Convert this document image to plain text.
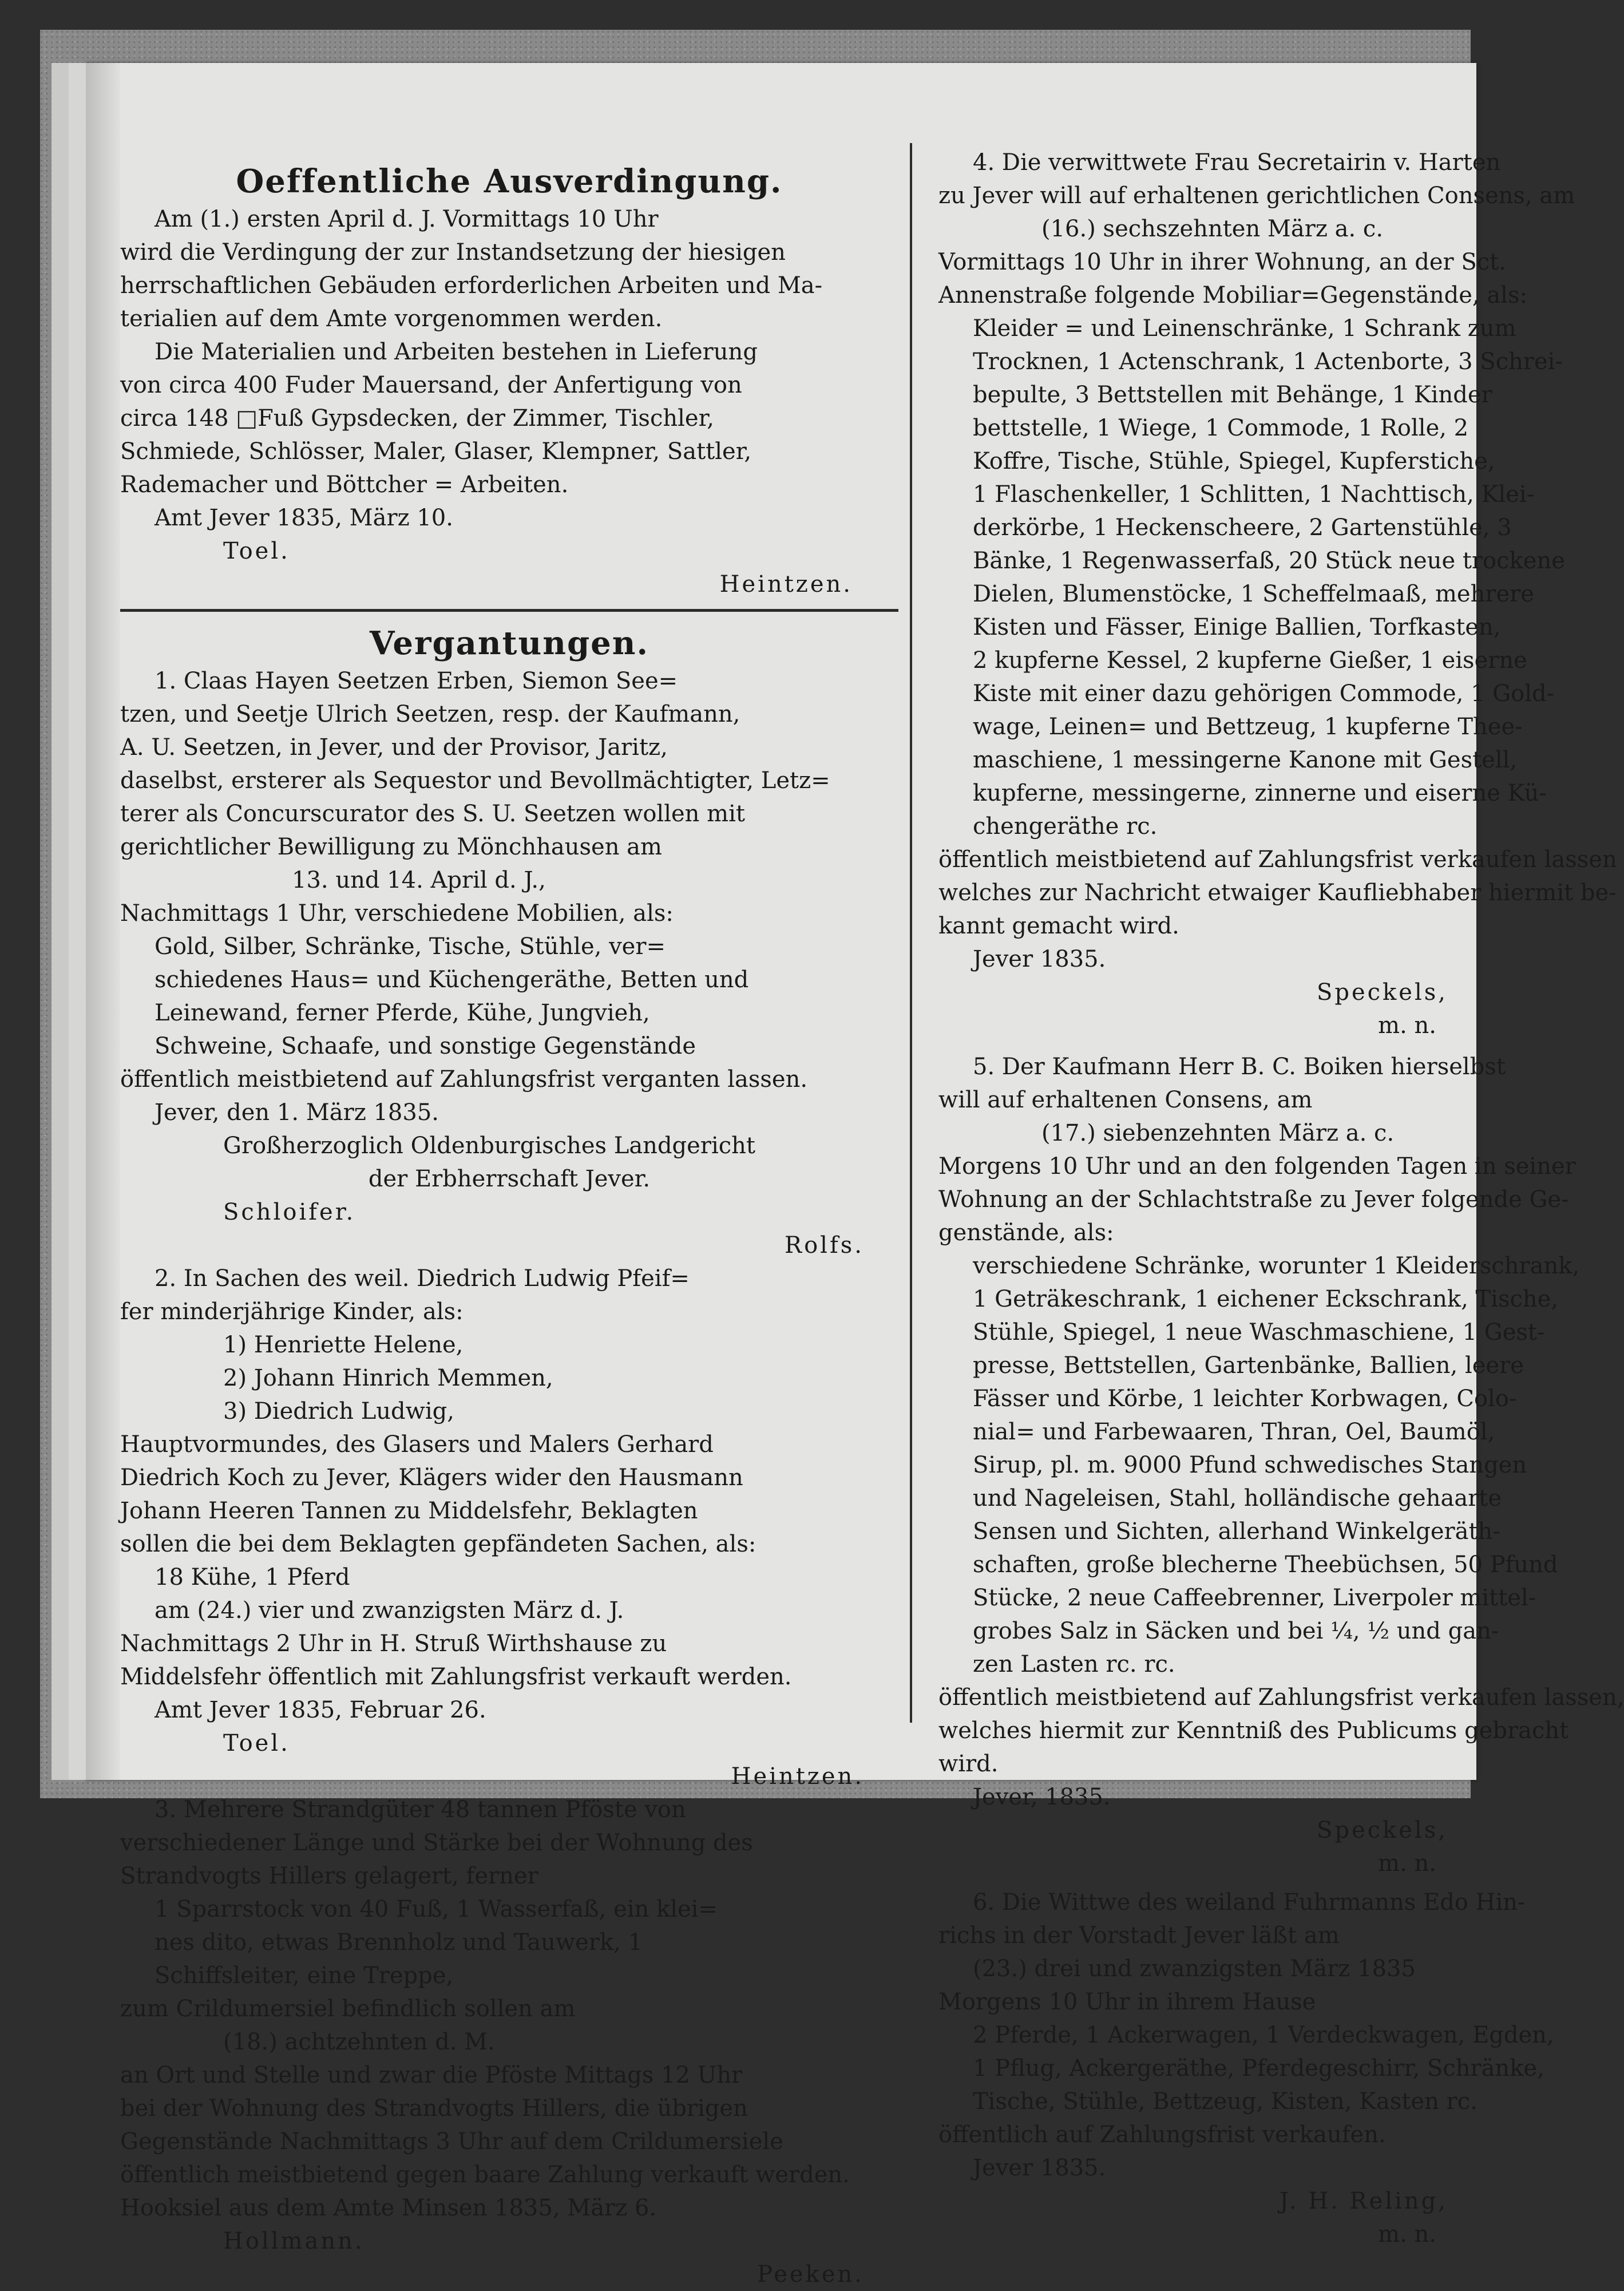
Oeffentliche Ausverdingung.
Am (1.) ersten April d. J. Vormittags 10 Uhr
wird die Verdingung der zur Instandsetzung der hiesigen
herrschaftlichen Gebäuden erforderlichen Arbeiten und Ma-
terialien auf dem Amte vorgenommen werden.
Die Materialien und Arbeiten bestehen in Lieferung
von circa 400 Fuder Mauersand, der Anfertigung von
circa 148 □Fuß Gypsdecken, der Zimmer, Tischler,
Schmiede, Schlösser, Maler, Glaser, Klempner, Sattler,
Rademacher und Böttcher = Arbeiten.
Amt Jever 1835, März 10.
Toel.
Heintzen.
Vergantungen.
1. Claas Hayen Seetzen Erben, Siemon See=
tzen, und Seetje Ulrich Seetzen, resp. der Kaufmann,
A. U. Seetzen, in Jever, und der Provisor, Jaritz,
daselbst, ersterer als Sequestor und Bevollmächtigter, Letz=
terer als Concurscurator des S. U. Seetzen wollen mit
gerichtlicher Bewilligung zu Mönchhausen am
13. und 14. April d. J.,
Nachmittags 1 Uhr, verschiedene Mobilien, als:
Gold, Silber, Schränke, Tische, Stühle, ver=
schiedenes Haus= und Küchengeräthe, Betten und
Leinewand, ferner Pferde, Kühe, Jungvieh,
Schweine, Schaafe, und sonstige Gegenstände
öffentlich meistbietend auf Zahlungsfrist verganten lassen.
Jever, den 1. März 1835.
Großherzoglich Oldenburgisches Landgericht
der Erbherrschaft Jever.
Schloifer.
Rolfs.
2. In Sachen des weil. Diedrich Ludwig Pfeif=
fer minderjährige Kinder, als:
1) Henriette Helene,
2) Johann Hinrich Memmen,
3) Diedrich Ludwig,
Hauptvormundes, des Glasers und Malers Gerhard
Diedrich Koch zu Jever, Klägers wider den Hausmann
Johann Heeren Tannen zu Middelsfehr, Beklagten
sollen die bei dem Beklagten gepfändeten Sachen, als:
18 Kühe, 1 Pferd
am (24.) vier und zwanzigsten März d. J.
Nachmittags 2 Uhr in H. Struß Wirthshause zu
Middelsfehr öffentlich mit Zahlungsfrist verkauft werden.
Amt Jever 1835, Februar 26.
Toel.
Heintzen.
3. Mehrere Strandgüter 48 tannen Pföste von
verschiedener Länge und Stärke bei der Wohnung des
Strandvogts Hillers gelagert, ferner
1 Sparrstock von 40 Fuß, 1 Wasserfaß, ein klei=
nes dito, etwas Brennholz und Tauwerk, 1
Schiffsleiter, eine Treppe,
zum Crildumersiel befindlich sollen am
(18.) achtzehnten d. M.
an Ort und Stelle und zwar die Pföste Mittags 12 Uhr
bei der Wohnung des Strandvogts Hillers, die übrigen
Gegenstände Nachmittags 3 Uhr auf dem Crildumersiele
öffentlich meistbietend gegen baare Zahlung verkauft werden.
Hooksiel aus dem Amte Minsen 1835, März 6.
Hollmann.
Peeken.
4. Die verwittwete Frau Secretairin v. Harten
zu Jever will auf erhaltenen gerichtlichen Consens, am
(16.) sechszehnten März a. c.
Vormittags 10 Uhr in ihrer Wohnung, an der Sct.
Annenstraße folgende Mobiliar=Gegenstände, als:
Kleider = und Leinenschränke, 1 Schrank zum
Trocknen, 1 Actenschrank, 1 Actenborte, 3 Schrei-
bepulte, 3 Bettstellen mit Behänge, 1 Kinder
bettstelle, 1 Wiege, 1 Commode, 1 Rolle, 2
Koffre, Tische, Stühle, Spiegel, Kupferstiche,
1 Flaschenkeller, 1 Schlitten, 1 Nachttisch, Klei-
derkörbe, 1 Heckenscheere, 2 Gartenstühle, 3
Bänke, 1 Regenwasserfaß, 20 Stück neue trockene
Dielen, Blumenstöcke, 1 Scheffelmaaß, mehrere
Kisten und Fässer, Einige Ballien, Torfkasten,
2 kupferne Kessel, 2 kupferne Gießer, 1 eiserne
Kiste mit einer dazu gehörigen Commode, 1 Gold-
wage, Leinen= und Bettzeug, 1 kupferne Thee-
maschiene, 1 messingerne Kanone mit Gestell,
kupferne, messingerne, zinnerne und eiserne Kü-
chengeräthe rc.
öffentlich meistbietend auf Zahlungsfrist verkaufen lassen
welches zur Nachricht etwaiger Kaufliebhaber hiermit be-
kannt gemacht wird.
Jever 1835.
Speckels,
m. n.
5. Der Kaufmann Herr B. C. Boiken hierselbst
will auf erhaltenen Consens, am
(17.) siebenzehnten März a. c.
Morgens 10 Uhr und an den folgenden Tagen in seiner
Wohnung an der Schlachtstraße zu Jever folgende Ge-
genstände, als:
verschiedene Schränke, worunter 1 Kleiderschrank,
1 Geträkeschrank, 1 eichener Eckschrank, Tische,
Stühle, Spiegel, 1 neue Waschmaschiene, 1 Gest-
presse, Bettstellen, Gartenbänke, Ballien, leere
Fässer und Körbe, 1 leichter Korbwagen, Colo-
nial= und Farbewaaren, Thran, Oel, Baumöl,
Sirup, pl. m. 9000 Pfund schwedisches Stangen
und Nageleisen, Stahl, holländische gehaarte
Sensen und Sichten, allerhand Winkelgeräth-
schaften, große blecherne Theebüchsen, 50 Pfund
Stücke, 2 neue Caffeebrenner, Liverpoler mittel-
grobes Salz in Säcken und bei ¼, ½ und gan-
zen Lasten rc. rc.
öffentlich meistbietend auf Zahlungsfrist verkaufen lassen,
welches hiermit zur Kenntniß des Publicums gebracht
wird.
Jever, 1835.
Speckels,
m. n.
6. Die Wittwe des weiland Fuhrmanns Edo Hin-
richs in der Vorstadt Jever läßt am
(23.) drei und zwanzigsten März 1835
Morgens 10 Uhr in ihrem Hause
2 Pferde, 1 Ackerwagen, 1 Verdeckwagen, Egden,
1 Pflug, Ackergeräthe, Pferdegeschirr, Schränke,
Tische, Stühle, Bettzeug, Kisten, Kasten rc.
öffentlich auf Zahlungsfrist verkaufen.
Jever 1835.
J. H. Reling,
m. n.
